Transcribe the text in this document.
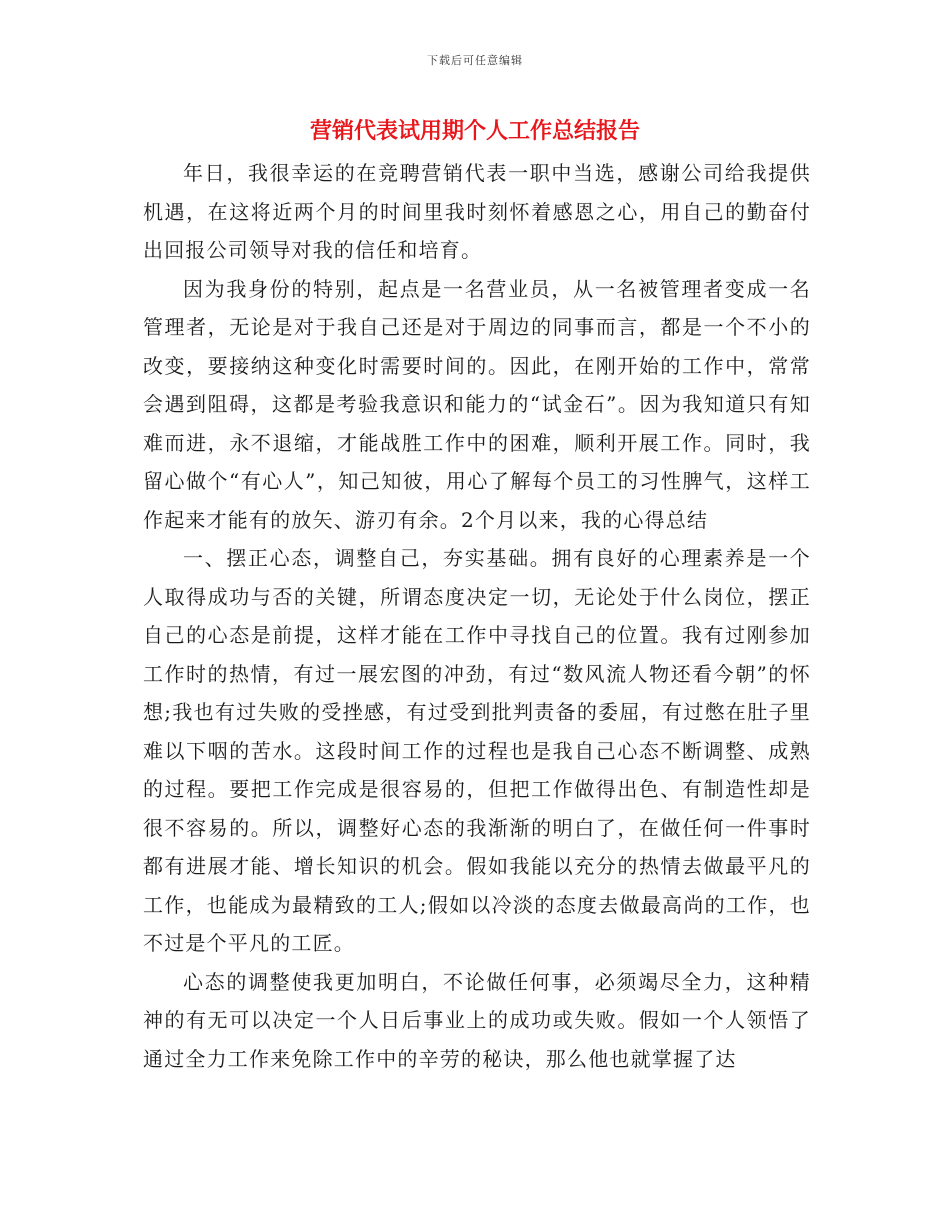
下载后可任意编辑
营销代表试用期个人工作总结报告

年日，我很幸运的在竞聘营销代表一职中当选，感谢公司给我提供机遇，在这将近两个月的时间里我时刻怀着感恩之心，用自己的勤奋付出回报公司领导对我的信任和培育。

因为我身份的特别，起点是一名营业员，从一名被管理者变成一名管理者，无论是对于我自己还是对于周边的同事而言，都是一个不小的改变，要接纳这种变化时需要时间的。因此，在刚开始的工作中，常常会遇到阻碍，这都是考验我意识和能力的“试金石”。因为我知道只有知难而进，永不退缩，才能战胜工作中的困难，顺利开展工作。同时，我留心做个“有心人”，知己知彼，用心了解每个员工的习性脾气，这样工作起来才能有的放矢、游刃有余。2个月以来，我的心得总结

一、摆正心态，调整自己，夯实基础。拥有良好的心理素养是一个人取得成功与否的关键，所谓态度决定一切，无论处于什么岗位，摆正自己的心态是前提，这样才能在工作中寻找自己的位置。我有过刚参加工作时的热情，有过一展宏图的冲劲，有过“数风流人物还看今朝”的怀想;我也有过失败的受挫感，有过受到批判责备的委屈，有过憋在肚子里难以下咽的苦水。这段时间工作的过程也是我自己心态不断调整、成熟的过程。要把工作完成是很容易的，但把工作做得出色、有制造性却是很不容易的。所以，调整好心态的我渐渐的明白了，在做任何一件事时都有进展才能、增长知识的机会。假如我能以充分的热情去做最平凡的工作，也能成为最精致的工人;假如以冷淡的态度去做最高尚的工作，也不过是个平凡的工匠。

心态的调整使我更加明白，不论做任何事，必须竭尽全力，这种精神的有无可以决定一个人日后事业上的成功或失败。假如一个人领悟了通过全力工作来免除工作中的辛劳的秘诀，那么他也就掌握了达
